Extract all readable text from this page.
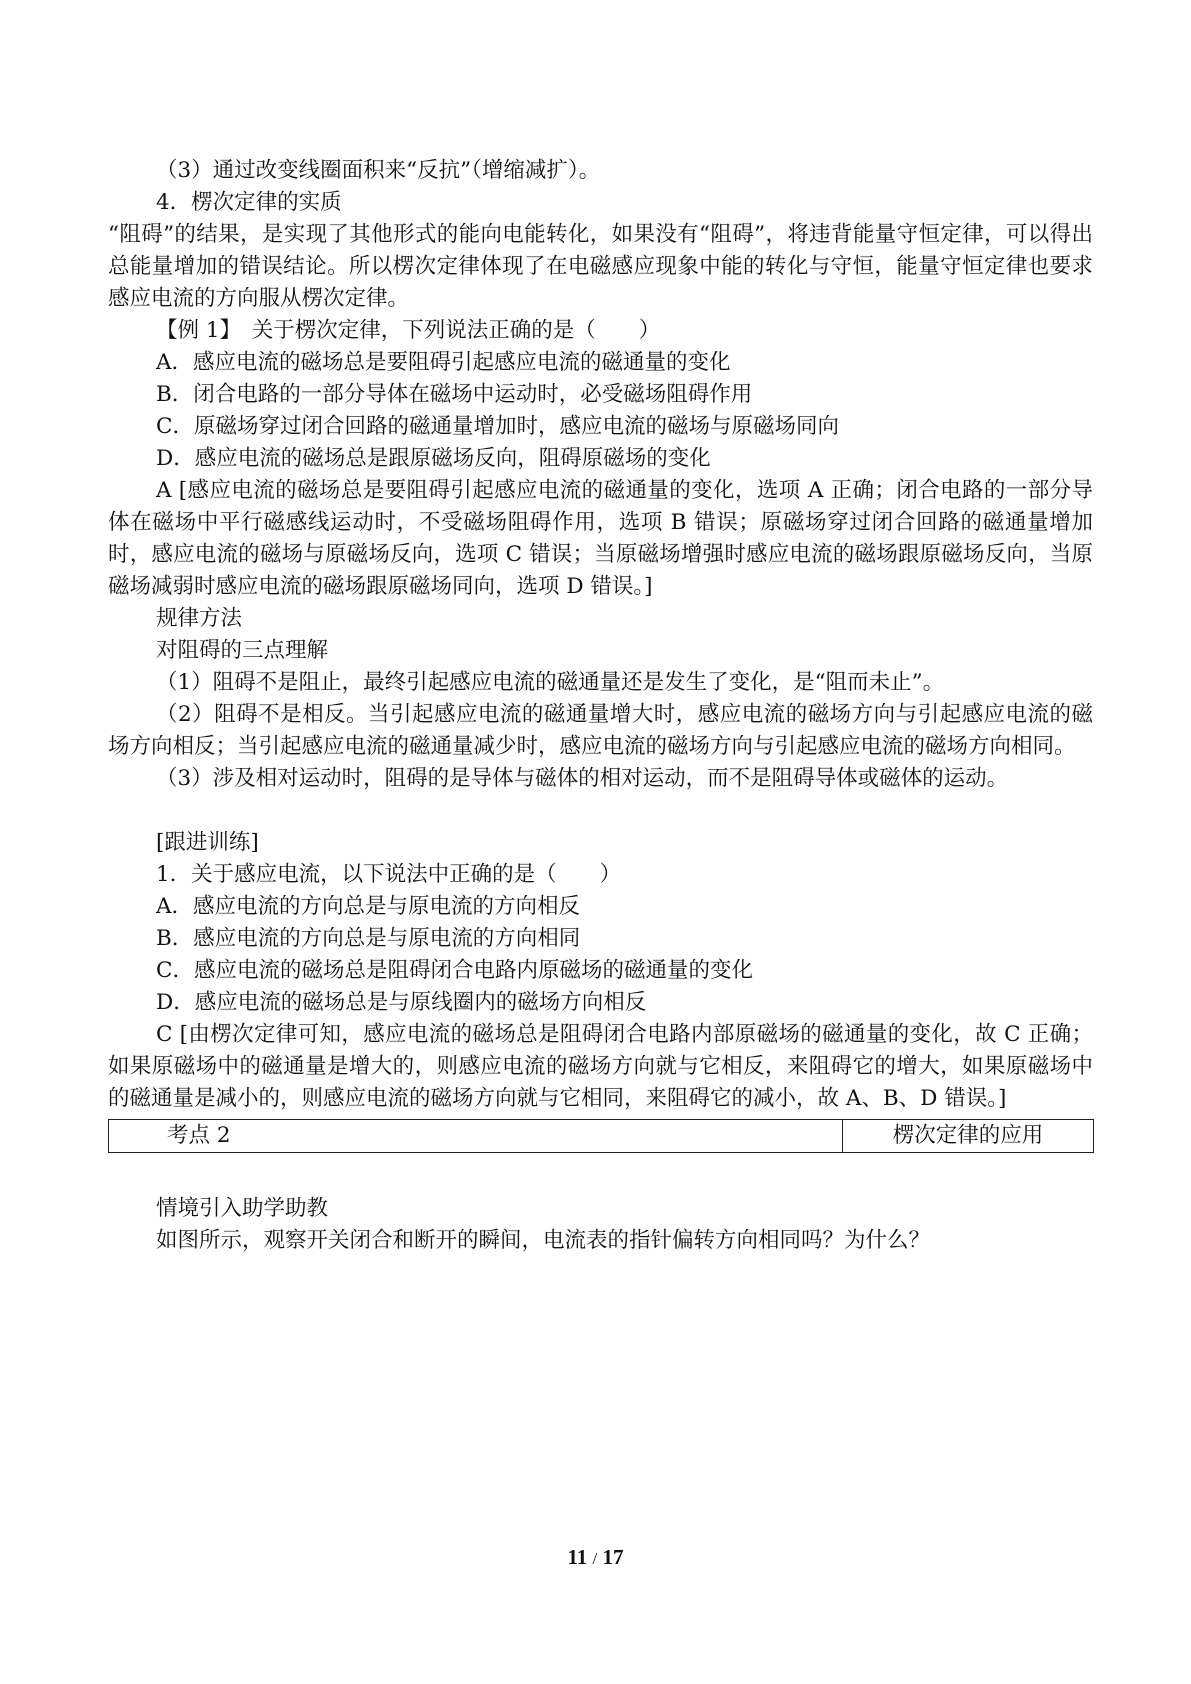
（3）通过改变线圈面积来“反抗”（增缩减扩）。

4．楞次定律的实质

“阻碍”的结果，是实现了其他形式的能向电能转化，如果没有“阻碍”，将违背能量守恒定律，可以得出总能量增加的错误结论。所以楞次定律体现了在电磁感应现象中能的转化与守恒，能量守恒定律也要求感应电流的方向服从楞次定律。

【例 1】　关于楞次定律，下列说法正确的是（　　）

A．感应电流的磁场总是要阻碍引起感应电流的磁通量的变化

B．闭合电路的一部分导体在磁场中运动时，必受磁场阻碍作用

C．原磁场穿过闭合回路的磁通量增加时，感应电流的磁场与原磁场同向

D．感应电流的磁场总是跟原磁场反向，阻碍原磁场的变化

A [感应电流的磁场总是要阻碍引起感应电流的磁通量的变化，选项 A 正确；闭合电路的一部分导体在磁场中平行磁感线运动时，不受磁场阻碍作用，选项 B 错误；原磁场穿过闭合回路的磁通量增加时，感应电流的磁场与原磁场反向，选项 C 错误；当原磁场增强时感应电流的磁场跟原磁场反向，当原磁场减弱时感应电流的磁场跟原磁场同向，选项 D 错误。]

规律方法

对阻碍的三点理解

（1）阻碍不是阻止，最终引起感应电流的磁通量还是发生了变化，是“阻而未止”。

（2）阻碍不是相反。当引起感应电流的磁通量增大时，感应电流的磁场方向与引起感应电流的磁场方向相反；当引起感应电流的磁通量减少时，感应电流的磁场方向与引起感应电流的磁场方向相同。

（3）涉及相对运动时，阻碍的是导体与磁体的相对运动，而不是阻碍导体或磁体的运动。

[跟进训练]

1．关于感应电流，以下说法中正确的是（　　）

A．感应电流的方向总是与原电流的方向相反

B．感应电流的方向总是与原电流的方向相同

C．感应电流的磁场总是阻碍闭合电路内原磁场的磁通量的变化

D．感应电流的磁场总是与原线圈内的磁场方向相反

C [由楞次定律可知，感应电流的磁场总是阻碍闭合电路内部原磁场的磁通量的变化，故 C 正确；如果原磁场中的磁通量是增大的，则感应电流的磁场方向就与它相反，来阻碍它的增大，如果原磁场中的磁通量是减小的，则感应电流的磁场方向就与它相同，来阻碍它的减小，故 A、B、D 错误。]

考点 2	楞次定律的应用

情境引入助学助教

如图所示，观察开关闭合和断开的瞬间，电流表的指针偏转方向相同吗？为什么？

11 / 17
